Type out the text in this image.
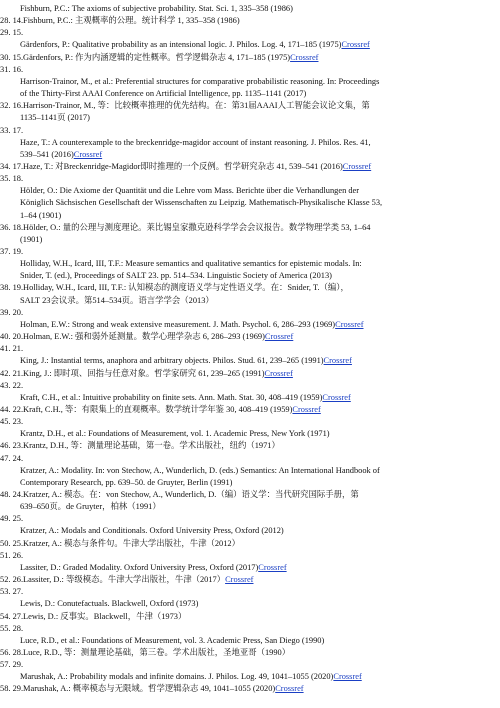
Fishburn, P.C.: The axioms of subjective probability. Stat. Sci. 1, 335–358 (1986)
28. 14.Fishburn, P.C.: 主观概率的公理。统计科学 1, 335–358 (1986)
29. 15.
Gärdenfors, P.: Qualitative probability as an intensional logic. J. Philos. Log. 4, 171–185 (1975)Crossref
30. 15.Gärdenfors, P.: 作为内涵逻辑的定性概率。哲学逻辑杂志 4, 171–185 (1975)Crossref
31. 16.
Harrison-Trainor, M., et al.: Preferential structures for comparative probabilistic reasoning. In: Proceedings
of the Thirty-First AAAI Conference on Artificial Intelligence, pp. 1135–1141 (2017)
32. 16.Harrison-Trainor, M., 等：比较概率推理的优先结构。在：第31届AAAI人工智能会议论文集，第
1135–1141页 (2017)
33. 17.
Haze, T.: A counterexample to the breckenridge-magidor account of instant reasoning. J. Philos. Res. 41,
539–541 (2016)Crossref
34. 17.Haze, T.: 对Breckenridge-Magidor即时推理的一个反例。哲学研究杂志 41, 539–541 (2016)Crossref
35. 18.
Hölder, O.: Die Axiome der Quantität und die Lehre vom Mass. Berichte über die Verhandlungen der
Königlich Sächsischen Gesellschaft der Wissenschaften zu Leipzig. Mathematisch-Physikalische Klasse 53,
1–64 (1901)
36. 18.Hölder, O.: 量的公理与测度理论。莱比锡皇家撒克逊科学学会会议报告。数学物理学类 53, 1–64
(1901)
37. 19.
Holliday, W.H., Icard, III, T.F.: Measure semantics and qualitative semantics for epistemic modals. In:
Snider, T. (ed.), Proceedings of SALT 23. pp. 514–534. Linguistic Society of America (2013)
38. 19.Holliday, W.H., Icard, III, T.F.: 认知模态的测度语义学与定性语义学。在：Snider, T.（编），
SALT 23会议录。第514–534页。语言学学会（2013）
39. 20.
Holman, E.W.: Strong and weak extensive measurement. J. Math. Psychol. 6, 286–293 (1969)Crossref
40. 20.Holman, E.W.: 强和弱外延测量。数学心理学杂志 6, 286–293 (1969)Crossref
41. 21.
King, J.: Instantial terms, anaphora and arbitrary objects. Philos. Stud. 61, 239–265 (1991)Crossref
42. 21.King, J.: 即时项、回指与任意对象。哲学家研究 61, 239–265 (1991)Crossref
43. 22.
Kraft, C.H., et al.: Intuitive probability on finite sets. Ann. Math. Stat. 30, 408–419 (1959)Crossref
44. 22.Kraft, C.H., 等：有限集上的直观概率。数学统计学年鉴 30, 408–419 (1959)Crossref
45. 23.
Krantz, D.H., et al.: Foundations of Measurement, vol. 1. Academic Press, New York (1971)
46. 23.Krantz, D.H., 等：测量理论基础，第一卷。学术出版社，纽约（1971）
47. 24.
Kratzer, A.: Modality. In: von Stechow, A., Wunderlich, D. (eds.) Semantics: An International Handbook of
Contemporary Research, pp. 639–50. de Gruyter, Berlin (1991)
48. 24.Kratzer, A.: 模态。在：von Stechow, A., Wunderlich, D.（编）语义学：当代研究国际手册，第
639–650页。de Gruyter，柏林（1991）
49. 25.
Kratzer, A.: Modals and Conditionals. Oxford University Press, Oxford (2012)
50. 25.Kratzer, A.: 模态与条件句。牛津大学出版社，牛津（2012）
51. 26.
Lassiter, D.: Graded Modality. Oxford University Press, Oxford (2017)Crossref
52. 26.Lassiter, D.: 等级模态。牛津大学出版社，牛津（2017）Crossref
53. 27.
Lewis, D.: Conutefactuals. Blackwell, Oxford (1973)
54. 27.Lewis, D.: 反事实。Blackwell，牛津（1973）
55. 28.
Luce, R.D., et al.: Foundations of Measurement, vol. 3. Academic Press, San Diego (1990)
56. 28.Luce, R.D., 等：测量理论基础，第三卷。学术出版社，圣地亚哥（1990）
57. 29.
Marushak, A.: Probability modals and infinite domains. J. Philos. Log. 49, 1041–1055 (2020)Crossref
58. 29.Marushak, A.: 概率模态与无限域。哲学逻辑杂志 49, 1041–1055 (2020)Crossref
